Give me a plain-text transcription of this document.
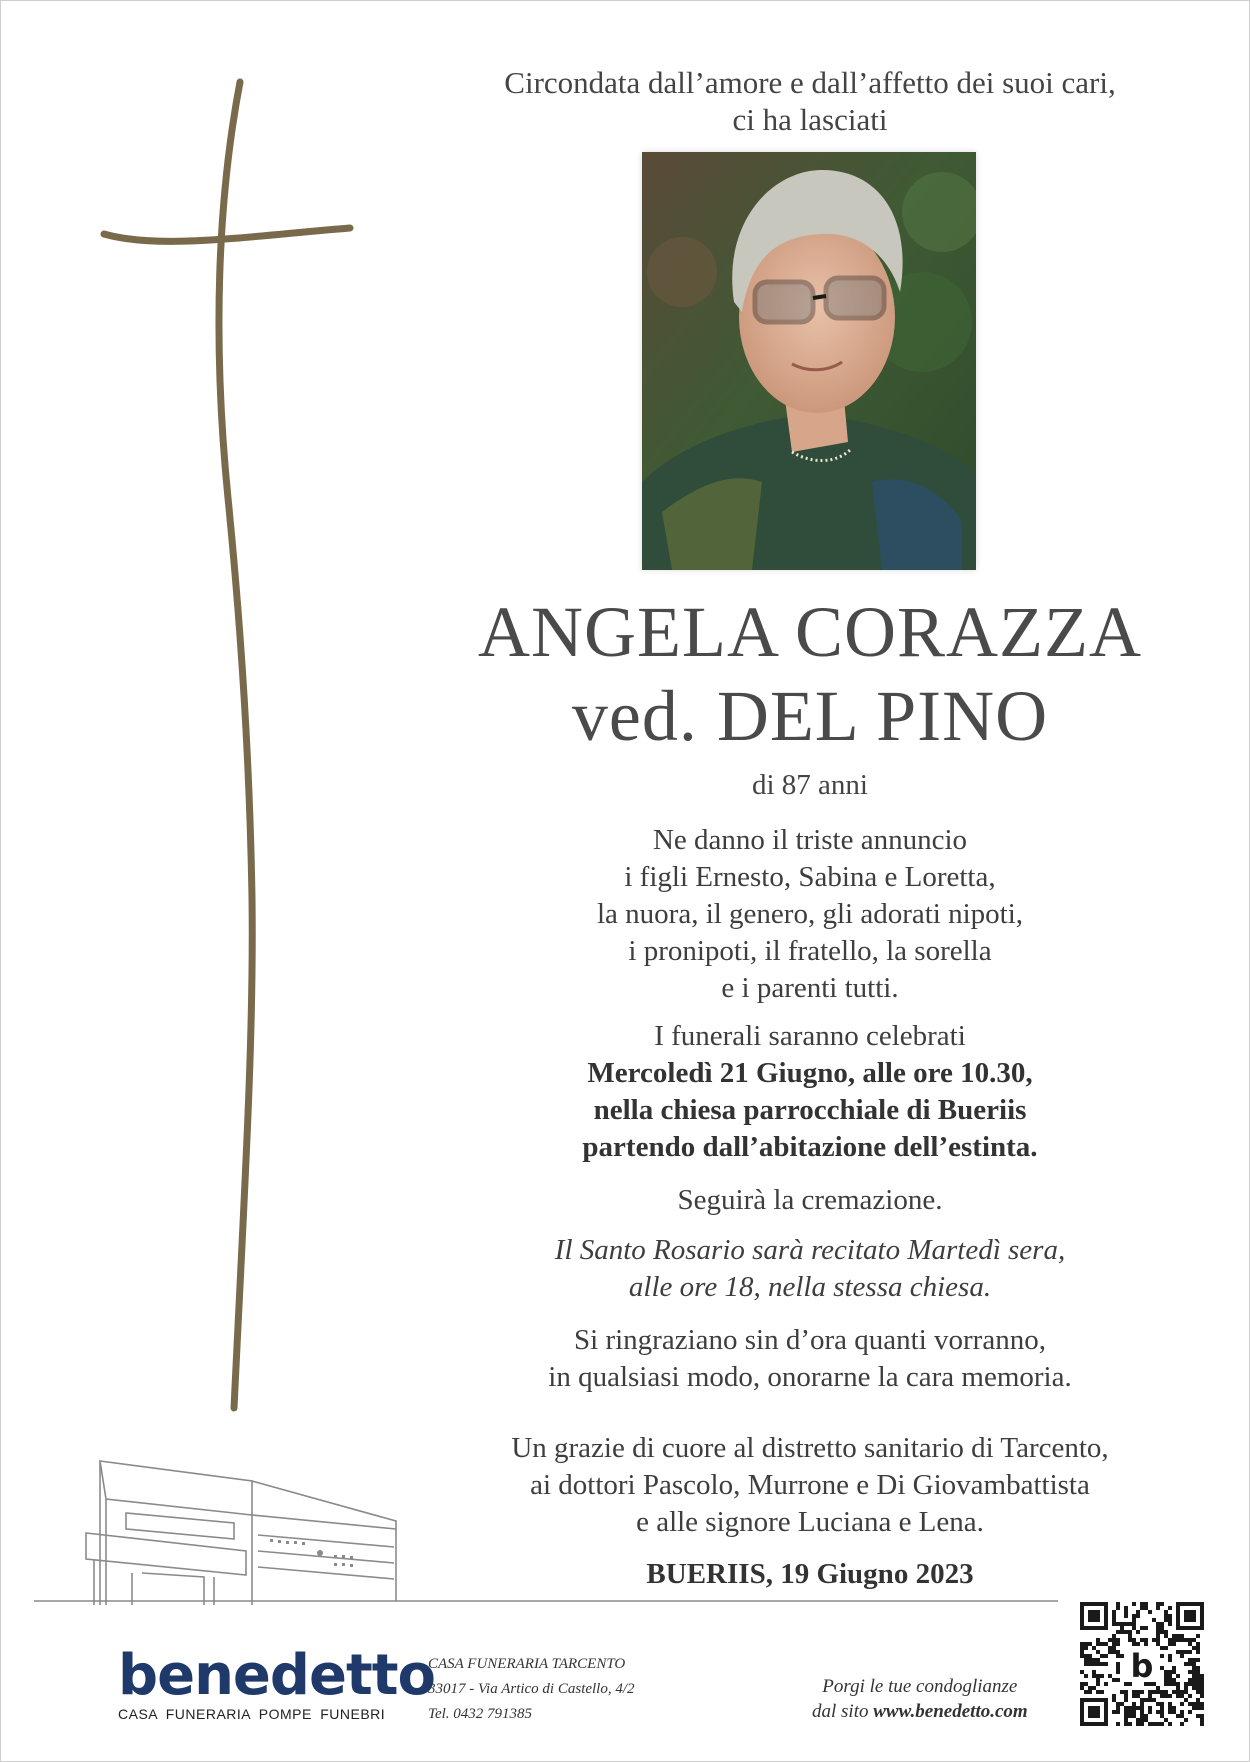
Circondata dall’amore e dall’affetto dei suoi cari,
ci ha lasciati
ANGELA CORAZZA
ved. DEL PINO
di 87 anni
Ne danno il triste annuncio
i figli Ernesto, Sabina e Loretta,
la nuora, il genero, gli adorati nipoti,
i pronipoti, il fratello, la sorella
e i parenti tutti.
I funerali saranno celebrati
Mercoledì 21 Giugno, alle ore 10.30,
nella chiesa parrocchiale di Bueriis
partendo dall’abitazione dell’estinta.
Seguirà la cremazione.
Il Santo Rosario sarà recitato Martedì sera,
alle ore 18, nella stessa chiesa.
Si ringraziano sin d’ora quanti vorranno,
in qualsiasi modo, onorarne la cara memoria.
Un grazie di cuore al distretto sanitario di Tarcento,
ai dottori Pascolo, Murrone e Di Giovambattista
e alle signore Luciana e Lena.
BUERIIS, 19 Giugno 2023
benedetto
CASA FUNERARIA POMPE FUNEBRI
CASA FUNERARIA TARCENTO
33017 - Via Artico di Castello, 4/2
Tel. 0432 791385
Porgi le tue condoglianze
dal sito www.benedetto.com
b
